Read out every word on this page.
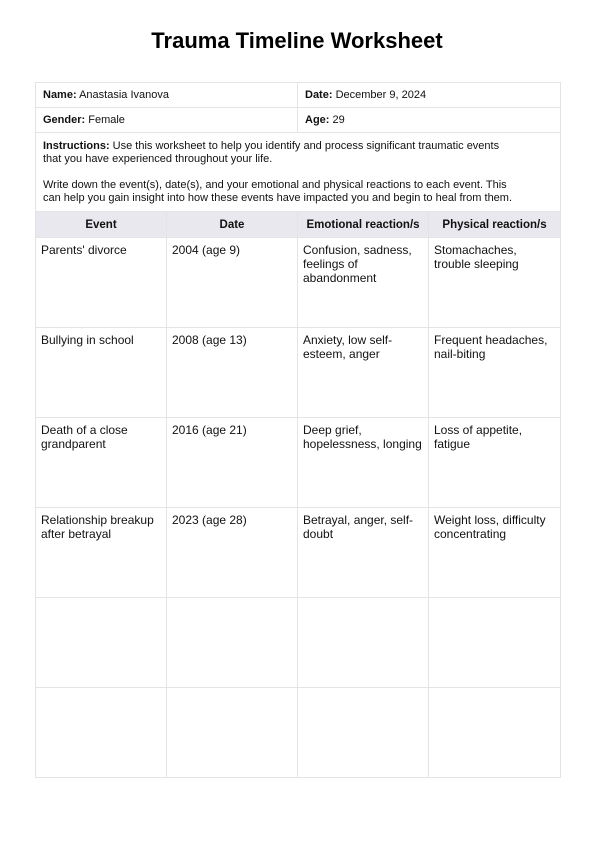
Trauma Timeline Worksheet
Name: Anastasia Ivanova		Date: December 9, 2024	
Gender: Female		Age: 29	

Instructions: Use this worksheet to help you identify and process significant traumatic events that you have experienced throughout your life.

Write down the event(s), date(s), and your emotional and physical reactions to each event. This can help you gain insight into how these events have impacted you and begin to heal from them.			

Event	Date	Emotional reaction/s	Physical reaction/s
Parents' divorce	2004 (age 9)	Confusion, sadness, feelings of abandonment	Stomachaches, trouble sleeping
Bullying in school	2008 (age 13)	Anxiety, low self-esteem, anger	Frequent headaches, nail-biting
Death of a close grandparent	2016 (age 21)	Deep grief, hopelessness, longing	Loss of appetite, fatigue
Relationship breakup after betrayal	2023 (age 28)	Betrayal, anger, self-doubt	Weight loss, difficulty concentrating
